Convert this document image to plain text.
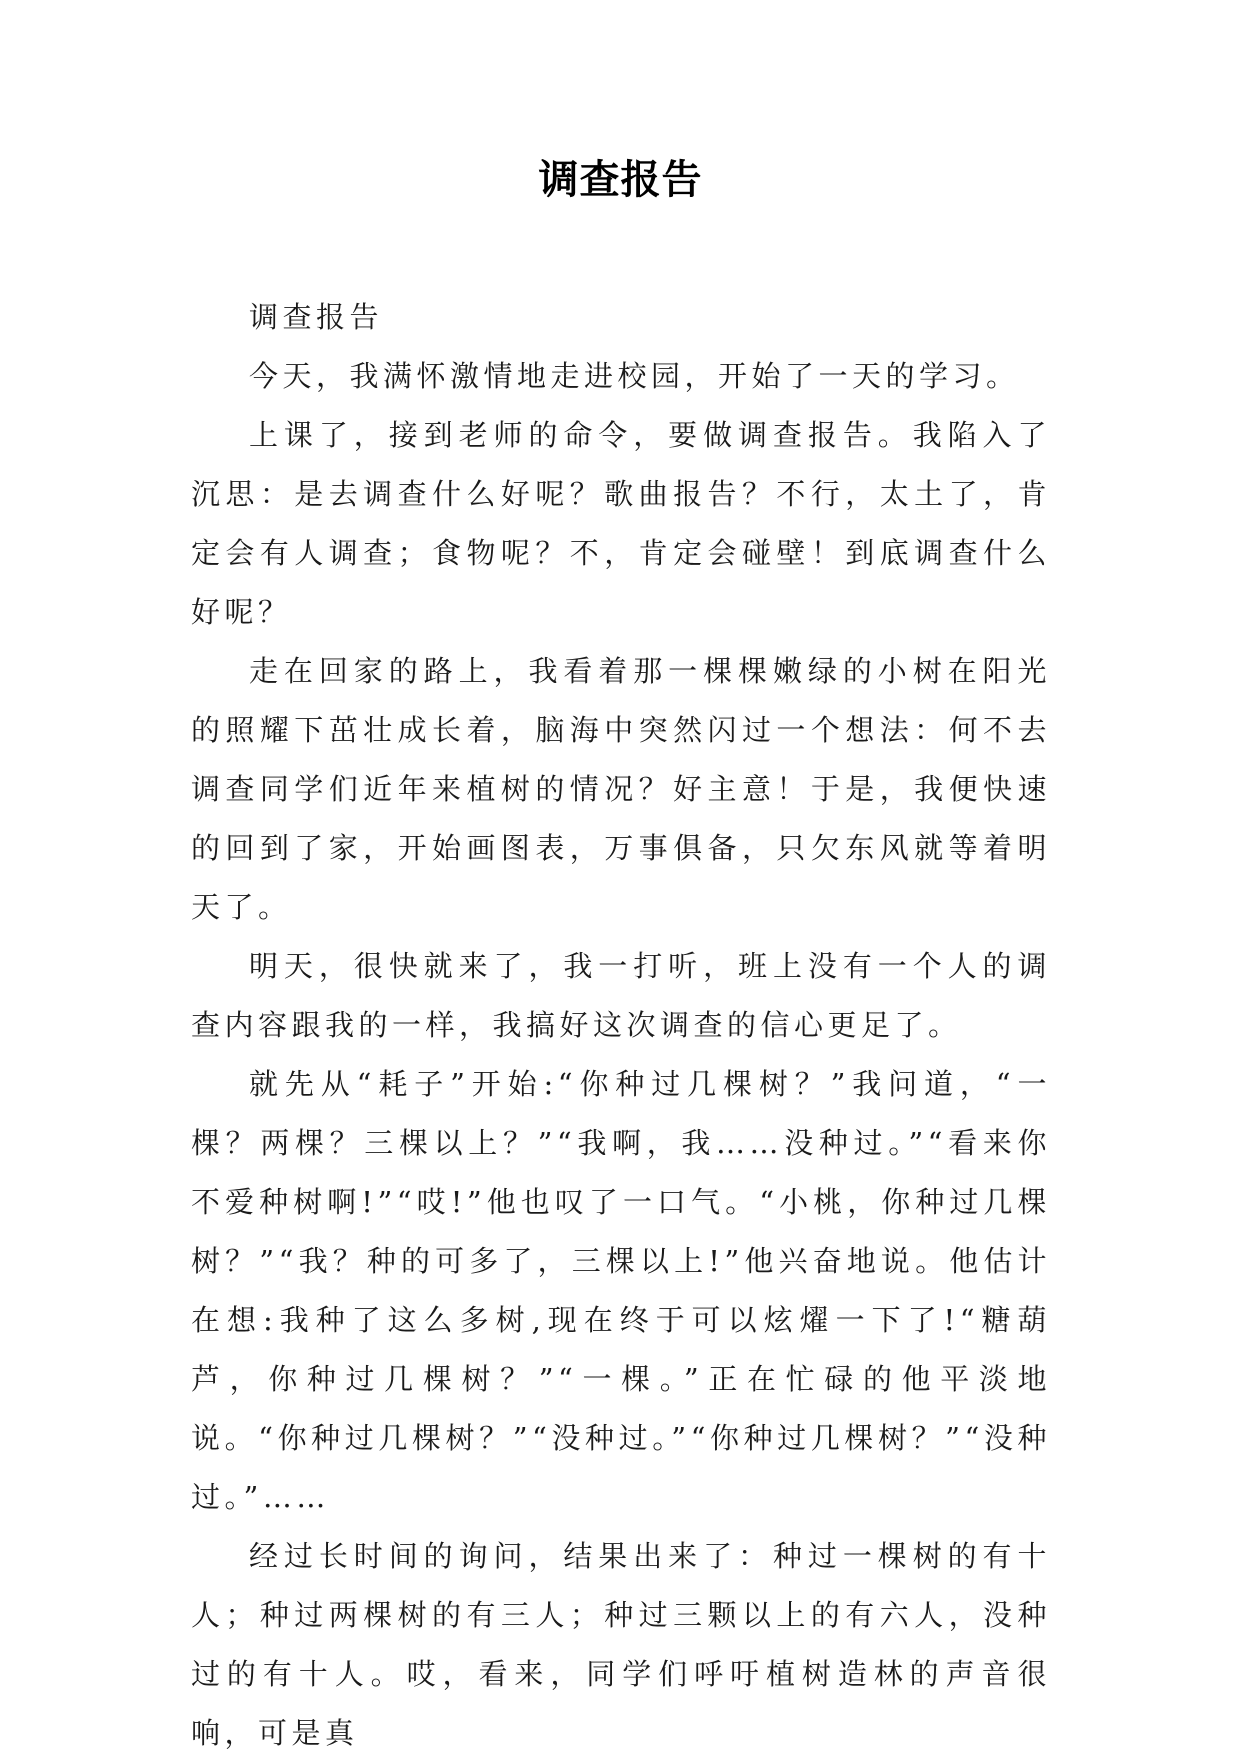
调查报告

调查报告

今天，我满怀激情地走进校园，开始了一天的学习。

上课了，接到老师的命令，要做调查报告。我陷入了沉思：是去调查什么好呢？歌曲报告？不行，太土了，肯定会有人调查；食物呢？不，肯定会碰壁！到底调查什么好呢？

走在回家的路上，我看着那一棵棵嫩绿的小树在阳光的照耀下茁壮成长着，脑海中突然闪过一个想法：何不去调查同学们近年来植树的情况？好主意！于是，我便快速的回到了家，开始画图表，万事俱备，只欠东风就等着明天了。

明天，很快就来了，我一打听，班上没有一个人的调查内容跟我的一样，我搞好这次调查的信心更足了。

就先从“耗子”开始:“你种过几棵树？”我问道，“一棵？两棵？三棵以上？”“我啊，我……没种过。”“看来你不爱种树啊!”“哎!”他也叹了一口气。“小桃，你种过几棵树？”“我？种的可多了，三棵以上!”他兴奋地说。他估计在想:我种了这么多树,现在终于可以炫燿一下了!“糖葫芦，你种过几棵树？”“一棵。”正在忙碌的他平淡地说。“你种过几棵树？”“没种过。”“你种过几棵树？”“没种过。”……

经过长时间的询问，结果出来了：种过一棵树的有十人；种过两棵树的有三人；种过三颗以上的有六人，没种过的有十人。哎，看来，同学们呼吁植树造林的声音很响，可是真
